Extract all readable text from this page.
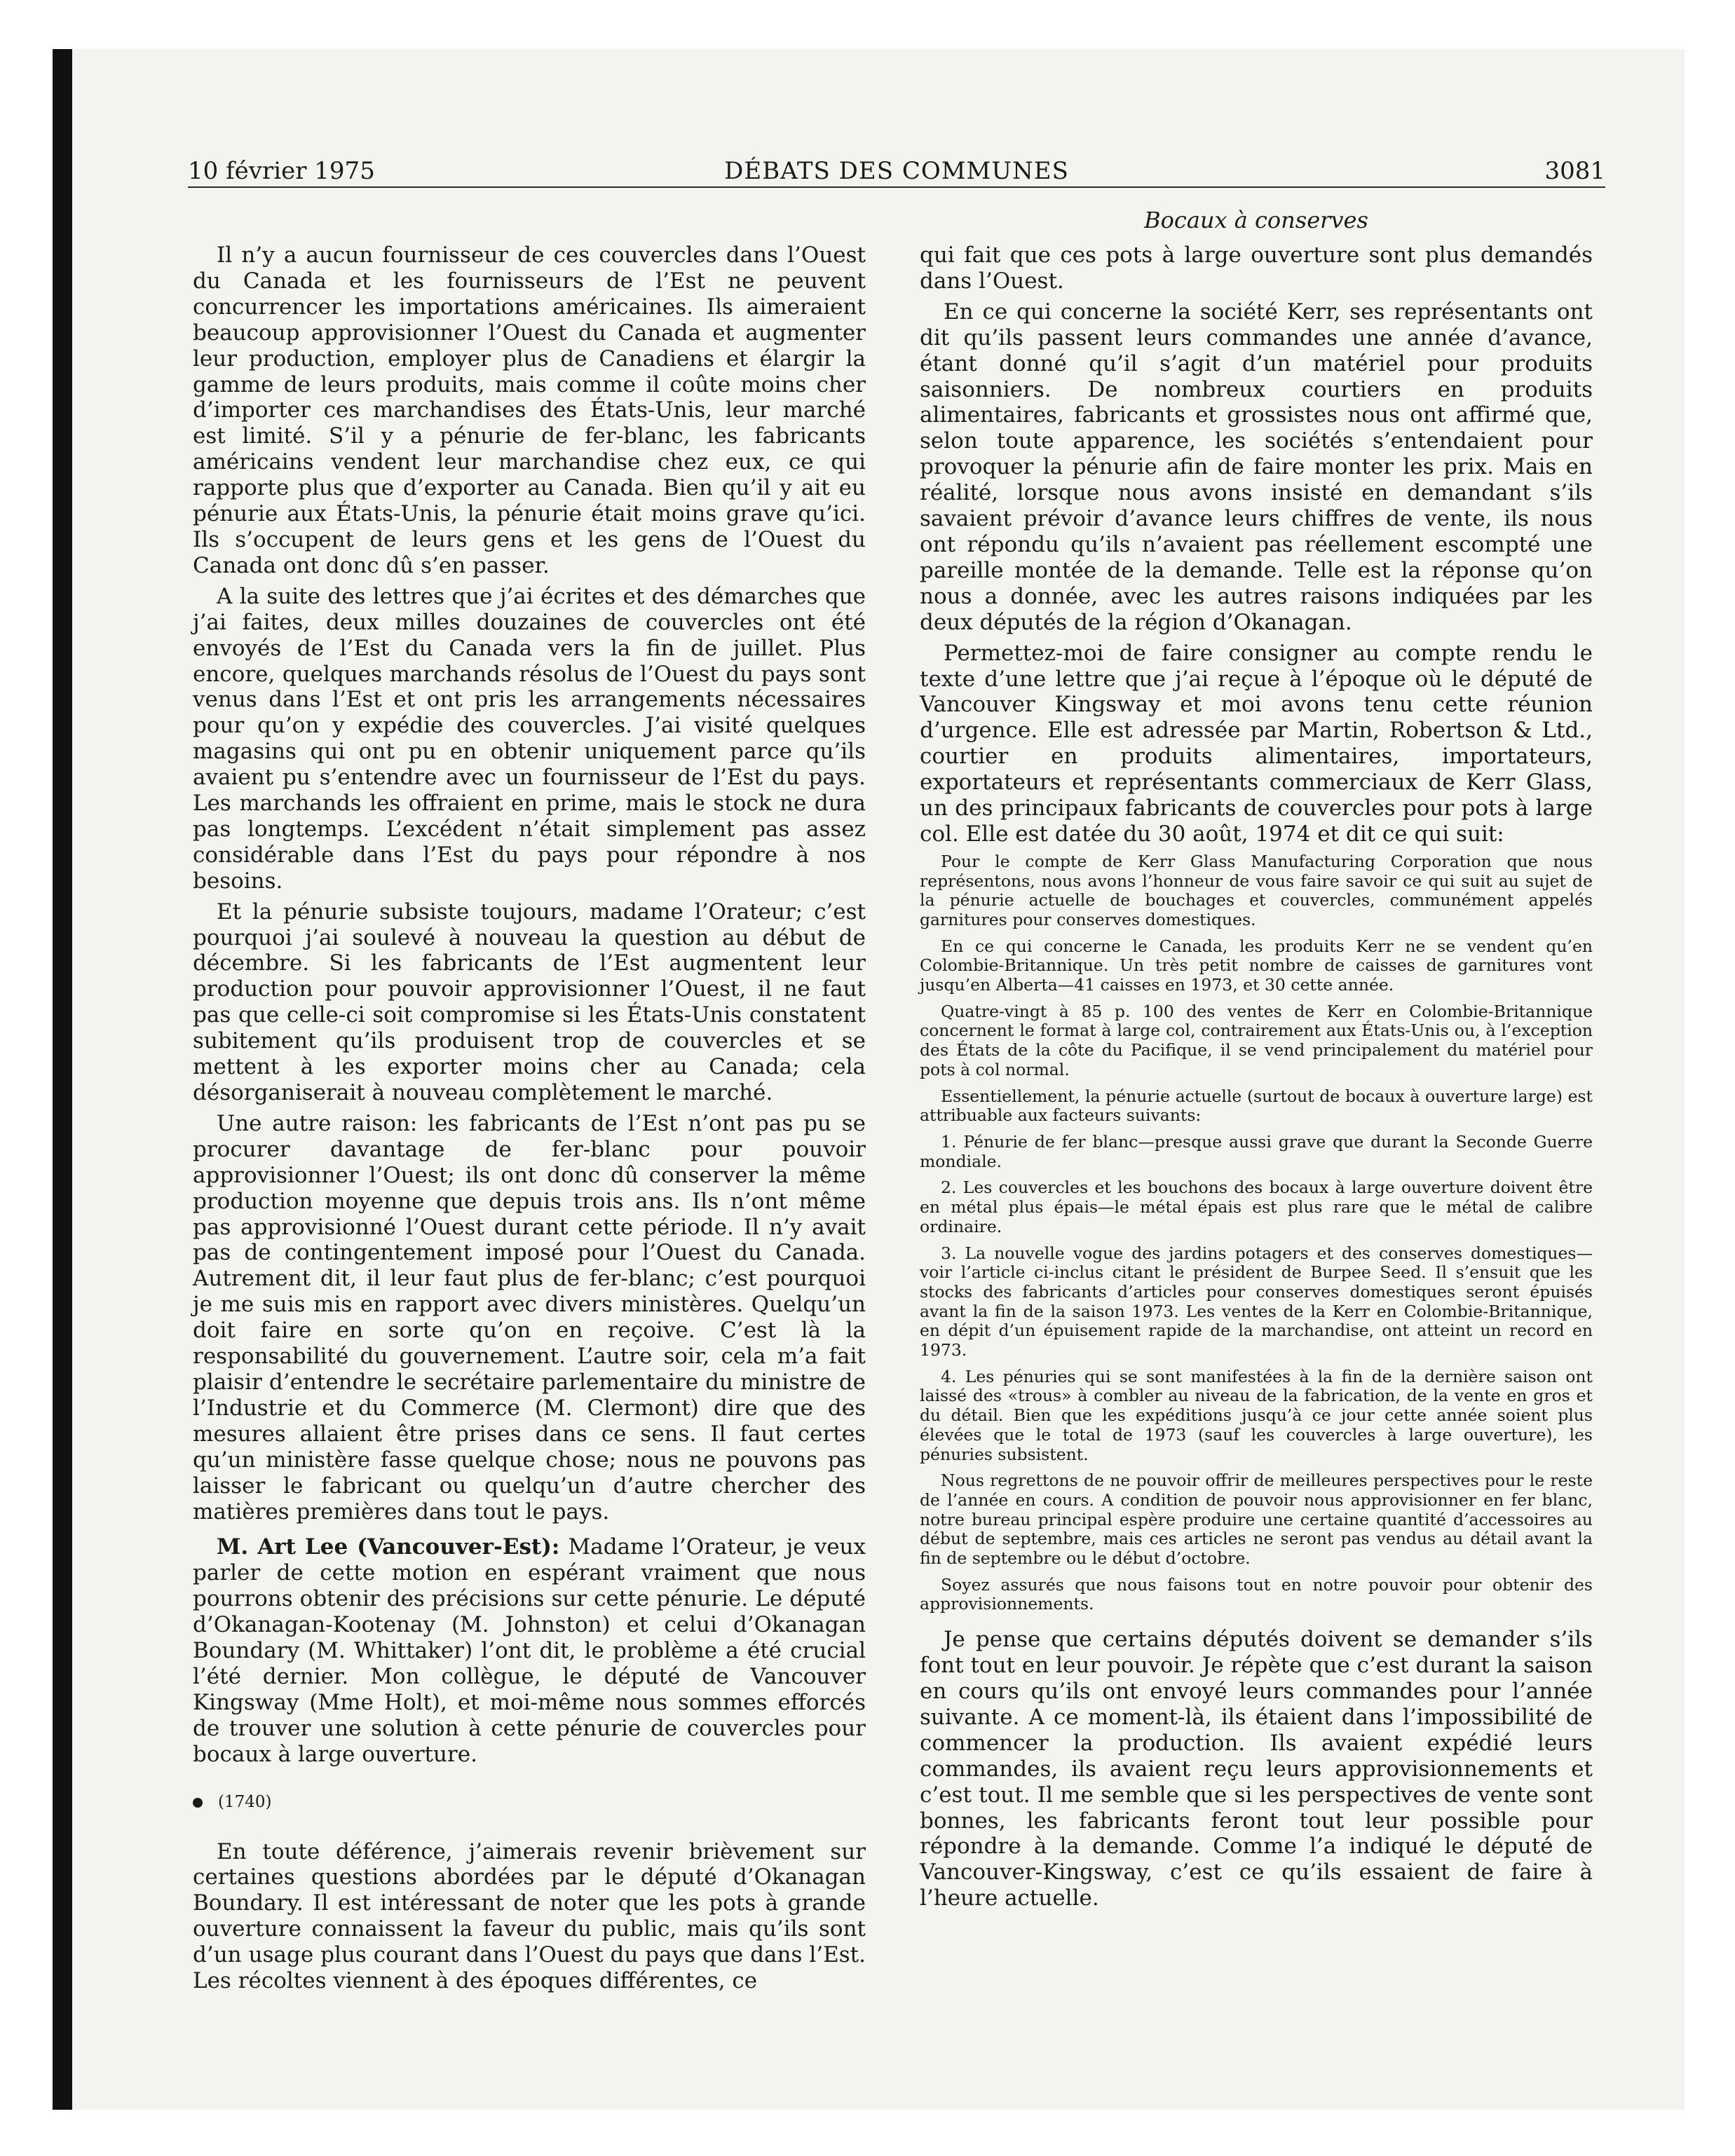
10 février 1975	DÉBATS DES COMMUNES	3081

Il n’y a aucun fournisseur de ces couvercles dans l’Ouest du Canada et les fournisseurs de l’Est ne peuvent concurrencer les importations américaines. Ils aimeraient beaucoup approvisionner l’Ouest du Canada et augmenter leur production, employer plus de Canadiens et élargir la gamme de leurs produits, mais comme il coûte moins cher d’importer ces marchandises des États-Unis, leur marché est limité. S’il y a pénurie de fer-blanc, les fabricants américains vendent leur marchandise chez eux, ce qui rapporte plus que d’exporter au Canada. Bien qu’il y ait eu pénurie aux États-Unis, la pénurie était moins grave qu’ici. Ils s’occupent de leurs gens et les gens de l’Ouest du Canada ont donc dû s’en passer.

A la suite des lettres que j’ai écrites et des démarches que j’ai faites, deux milles douzaines de couvercles ont été envoyés de l’Est du Canada vers la fin de juillet. Plus encore, quelques marchands résolus de l’Ouest du pays sont venus dans l’Est et ont pris les arrangements nécessaires pour qu’on y expédie des couvercles. J’ai visité quelques magasins qui ont pu en obtenir uniquement parce qu’ils avaient pu s’entendre avec un fournisseur de l’Est du pays. Les marchands les offraient en prime, mais le stock ne dura pas longtemps. L’excédent n’était simplement pas assez considérable dans l’Est du pays pour répondre à nos besoins.

Et la pénurie subsiste toujours, madame l’Orateur; c’est pourquoi j’ai soulevé à nouveau la question au début de décembre. Si les fabricants de l’Est augmentent leur production pour pouvoir approvisionner l’Ouest, il ne faut pas que celle-ci soit compromise si les États-Unis constatent subitement qu’ils produisent trop de couvercles et se mettent à les exporter moins cher au Canada; cela désorganiserait à nouveau complètement le marché.

Une autre raison: les fabricants de l’Est n’ont pas pu se procurer davantage de fer-blanc pour pouvoir approvisionner l’Ouest; ils ont donc dû conserver la même production moyenne que depuis trois ans. Ils n’ont même pas approvisionné l’Ouest durant cette période. Il n’y avait pas de contingentement imposé pour l’Ouest du Canada. Autrement dit, il leur faut plus de fer-blanc; c’est pourquoi je me suis mis en rapport avec divers ministères. Quelqu’un doit faire en sorte qu’on en reçoive. C’est là la responsabilité du gouvernement. L’autre soir, cela m’a fait plaisir d’entendre le secrétaire parlementaire du ministre de l’Industrie et du Commerce (M. Clermont) dire que des mesures allaient être prises dans ce sens. Il faut certes qu’un ministère fasse quelque chose; nous ne pouvons pas laisser le fabricant ou quelqu’un d’autre chercher des matières premières dans tout le pays.

M. Art Lee (Vancouver-Est): Madame l’Orateur, je veux parler de cette motion en espérant vraiment que nous pourrons obtenir des précisions sur cette pénurie. Le député d’Okanagan-Kootenay (M. Johnston) et celui d’Okanagan Boundary (M. Whittaker) l’ont dit, le problème a été crucial l’été dernier. Mon collègue, le député de Vancouver Kingsway (Mme Holt), et moi-même nous sommes efforcés de trouver une solution à cette pénurie de couvercles pour bocaux à large ouverture.

(1740)

En toute déférence, j’aimerais revenir brièvement sur certaines questions abordées par le député d’Okanagan Boundary. Il est intéressant de noter que les pots à grande ouverture connaissent la faveur du public, mais qu’ils sont d’un usage plus courant dans l’Ouest du pays que dans l’Est. Les récoltes viennent à des époques différentes, ce

Bocaux à conserves

qui fait que ces pots à large ouverture sont plus demandés dans l’Ouest.

En ce qui concerne la société Kerr, ses représentants ont dit qu’ils passent leurs commandes une année d’avance, étant donné qu’il s’agit d’un matériel pour produits saisonniers. De nombreux courtiers en produits alimentaires, fabricants et grossistes nous ont affirmé que, selon toute apparence, les sociétés s’entendaient pour provoquer la pénurie afin de faire monter les prix. Mais en réalité, lorsque nous avons insisté en demandant s’ils savaient prévoir d’avance leurs chiffres de vente, ils nous ont répondu qu’ils n’avaient pas réellement escompté une pareille montée de la demande. Telle est la réponse qu’on nous a donnée, avec les autres raisons indiquées par les deux députés de la région d’Okanagan.

Permettez-moi de faire consigner au compte rendu le texte d’une lettre que j’ai reçue à l’époque où le député de Vancouver Kingsway et moi avons tenu cette réunion d’urgence. Elle est adressée par Martin, Robertson & Ltd., courtier en produits alimentaires, importateurs, exportateurs et représentants commerciaux de Kerr Glass, un des principaux fabricants de couvercles pour pots à large col. Elle est datée du 30 août, 1974 et dit ce qui suit:

Pour le compte de Kerr Glass Manufacturing Corporation que nous représentons, nous avons l’honneur de vous faire savoir ce qui suit au sujet de la pénurie actuelle de bouchages et couvercles, communément appelés garnitures pour conserves domestiques.

En ce qui concerne le Canada, les produits Kerr ne se vendent qu’en Colombie-Britannique. Un très petit nombre de caisses de garnitures vont jusqu’en Alberta—41 caisses en 1973, et 30 cette année.

Quatre-vingt à 85 p. 100 des ventes de Kerr en Colombie-Britannique concernent le format à large col, contrairement aux États-Unis ou, à l’exception des États de la côte du Pacifique, il se vend principalement du matériel pour pots à col normal.

Essentiellement, la pénurie actuelle (surtout de bocaux à ouverture large) est attribuable aux facteurs suivants:

1. Pénurie de fer blanc—presque aussi grave que durant la Seconde Guerre mondiale.

2. Les couvercles et les bouchons des bocaux à large ouverture doivent être en métal plus épais—le métal épais est plus rare que le métal de calibre ordinaire.

3. La nouvelle vogue des jardins potagers et des conserves domestiques—voir l’article ci-inclus citant le président de Burpee Seed. Il s’ensuit que les stocks des fabricants d’articles pour conserves domestiques seront épuisés avant la fin de la saison 1973. Les ventes de la Kerr en Colombie-Britannique, en dépit d’un épuisement rapide de la marchandise, ont atteint un record en 1973.

4. Les pénuries qui se sont manifestées à la fin de la dernière saison ont laissé des «trous» à combler au niveau de la fabrication, de la vente en gros et du détail. Bien que les expéditions jusqu’à ce jour cette année soient plus élevées que le total de 1973 (sauf les couvercles à large ouverture), les pénuries subsistent.

Nous regrettons de ne pouvoir offrir de meilleures perspectives pour le reste de l’année en cours. A condition de pouvoir nous approvisionner en fer blanc, notre bureau principal espère produire une certaine quantité d’accessoires au début de septembre, mais ces articles ne seront pas vendus au détail avant la fin de septembre ou le début d’octobre.

Soyez assurés que nous faisons tout en notre pouvoir pour obtenir des approvisionnements.

Je pense que certains députés doivent se demander s’ils font tout en leur pouvoir. Je répète que c’est durant la saison en cours qu’ils ont envoyé leurs commandes pour l’année suivante. A ce moment-là, ils étaient dans l’impossibilité de commencer la production. Ils avaient expédié leurs commandes, ils avaient reçu leurs approvisionnements et c’est tout. Il me semble que si les perspectives de vente sont bonnes, les fabricants feront tout leur possible pour répondre à la demande. Comme l’a indiqué le député de Vancouver-Kingsway, c’est ce qu’ils essaient de faire à l’heure actuelle.
